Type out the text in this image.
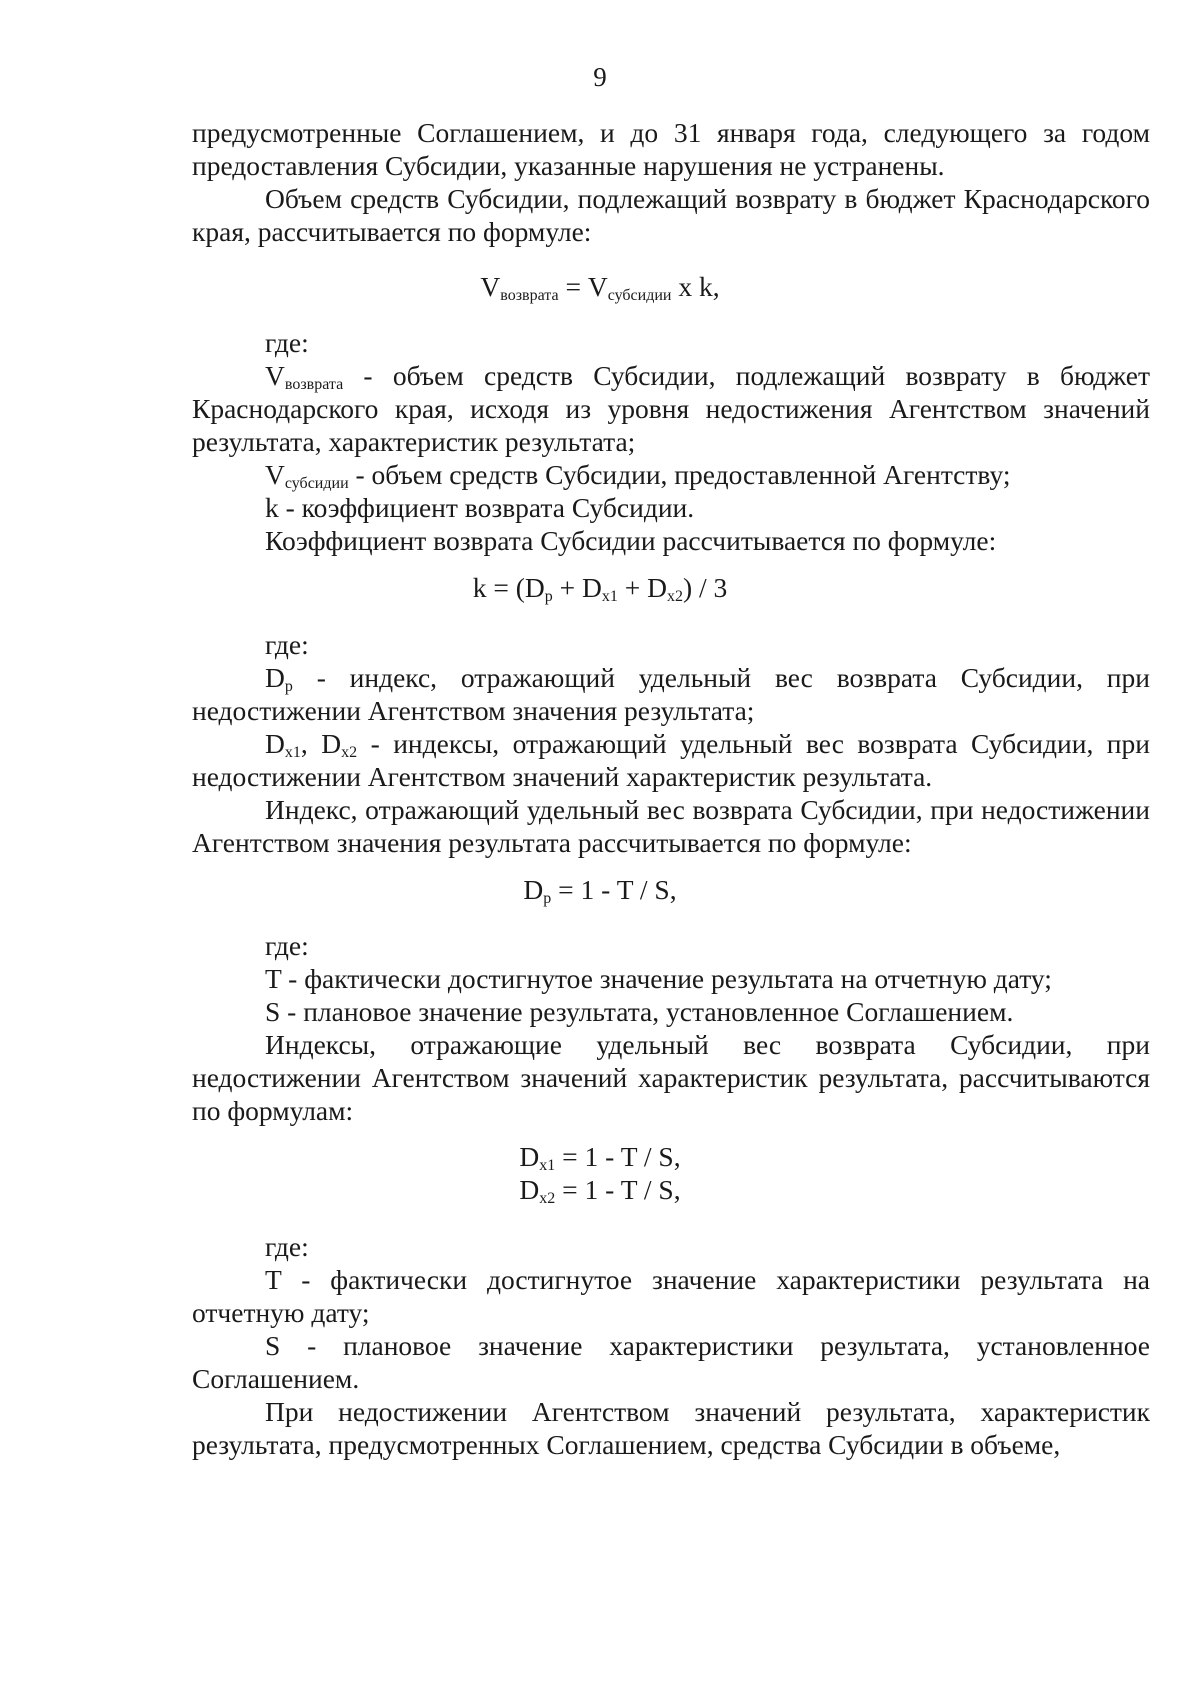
9

предусмотренные Соглашением, и до 31 января года, следующего за годом предоставления Субсидии, указанные нарушения не устранены.

Объем средств Субсидии, подлежащий возврату в бюджет Краснодарского края, рассчитывается по формуле:

$V_{возврата} = V_{субсидии}$ x k,

где:

$V_{возврата}$ - объем средств Субсидии, подлежащий возврату в бюджет Краснодарского края, исходя из уровня недостижения Агентством значений результата, характеристик результата;

$V_{субсидии}$ - объем средств Субсидии, предоставленной Агентству;

k - коэффициент возврата Субсидии.

Коэффициент возврата Субсидии рассчитывается по формуле:

$k = (D_p + D_{x1} + D_{x2}) / 3$

где:

$D_p$ - индекс, отражающий удельный вес возврата Субсидии, при недостижении Агентством значения результата;

$D_{x1}$, $D_{x2}$ - индексы, отражающий удельный вес возврата Субсидии, при недостижении Агентством значений характеристик результата.

Индекс, отражающий удельный вес возврата Субсидии, при недостижении Агентством значения результата рассчитывается по формуле:

$D_p = 1 - T / S$,

где:

T - фактически достигнутое значение результата на отчетную дату;

S - плановое значение результата, установленное Соглашением.

Индексы, отражающие удельный вес возврата Субсидии, при недостижении Агентством значений характеристик результата, рассчитываются по формулам:

$D_{x1} = 1 - T / S$,
$D_{x2} = 1 - T / S$,

где:

T - фактически достигнутое значение характеристики результата на отчетную дату;

S - плановое значение характеристики результата, установленное Соглашением.

При недостижении Агентством значений результата, характеристик результата, предусмотренных Соглашением, средства Субсидии в объеме,
